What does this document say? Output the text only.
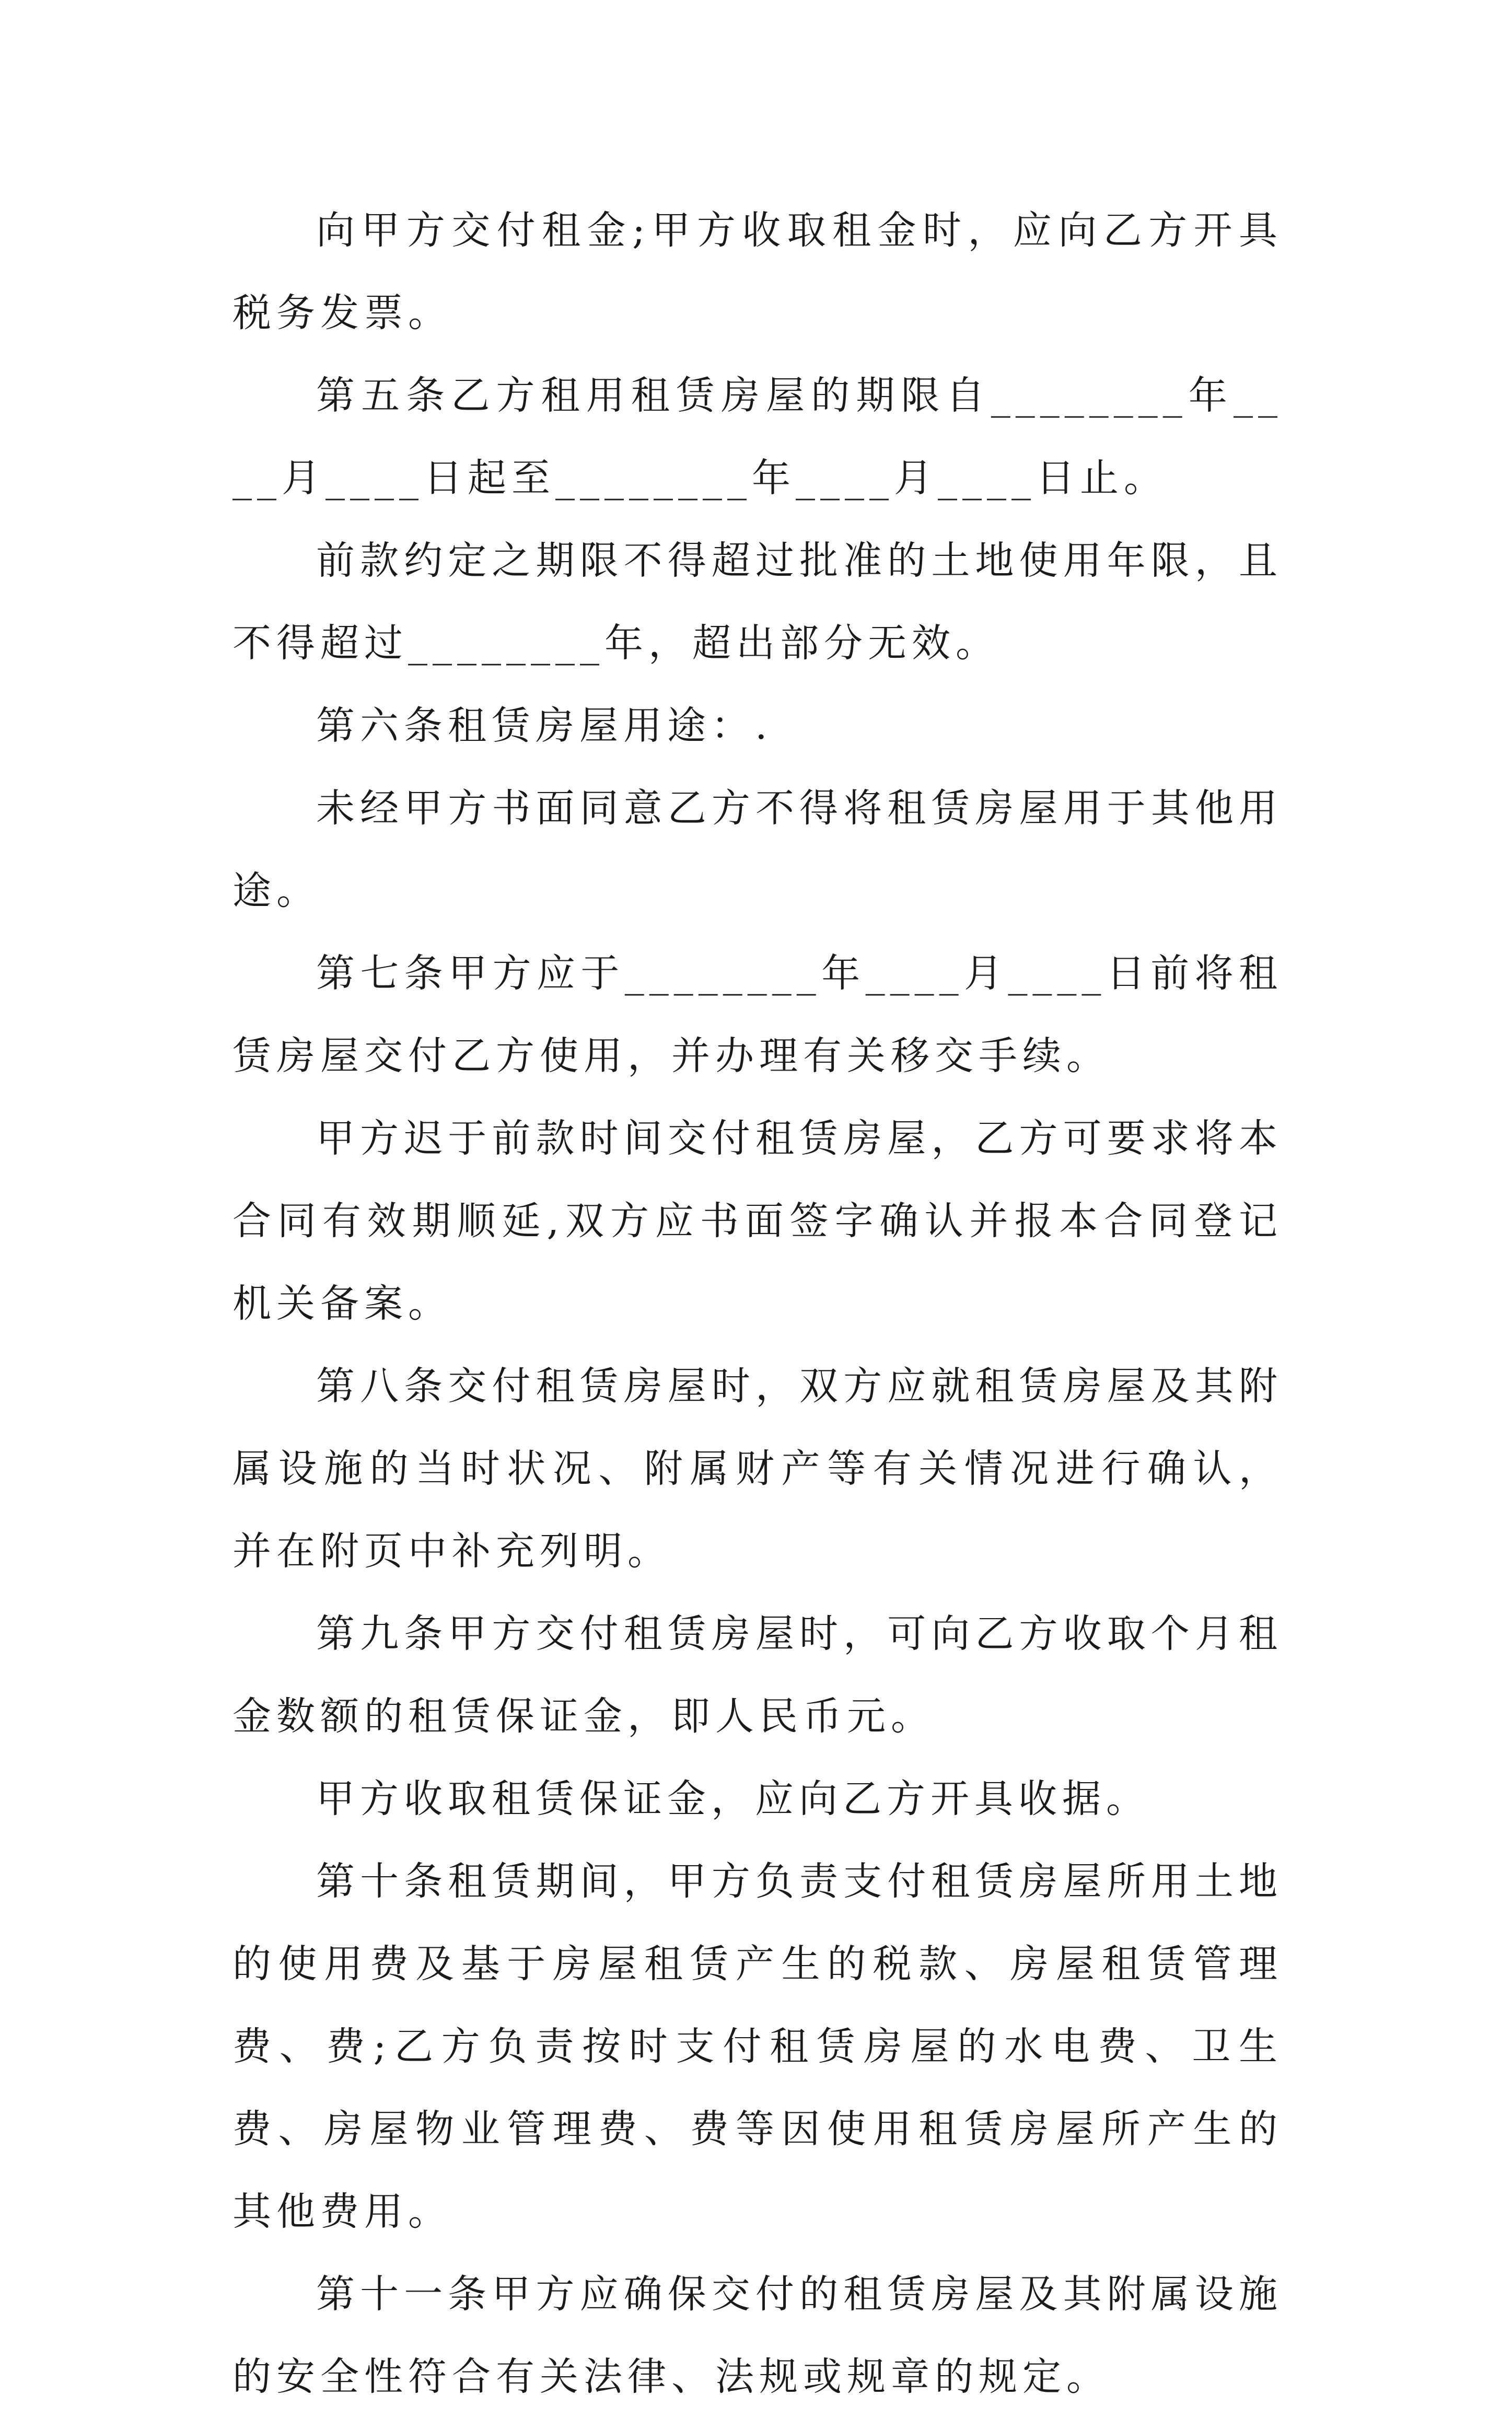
向甲方交付租金;甲方收取租金时，应向乙方开具税务发票。

第五条乙方租用租赁房屋的期限自________年____月____日起至________年____月____日止。

前款约定之期限不得超过批准的土地使用年限，且不得超过________年，超出部分无效。

第六条租赁房屋用途：.

未经甲方书面同意乙方不得将租赁房屋用于其他用途。

第七条甲方应于________年____月____日前将租赁房屋交付乙方使用，并办理有关移交手续。

甲方迟于前款时间交付租赁房屋，乙方可要求将本合同有效期顺延,双方应书面签字确认并报本合同登记机关备案。

第八条交付租赁房屋时，双方应就租赁房屋及其附属设施的当时状况、附属财产等有关情况进行确认，并在附页中补充列明。

第九条甲方交付租赁房屋时，可向乙方收取个月租金数额的租赁保证金，即人民币元。

甲方收取租赁保证金，应向乙方开具收据。

第十条租赁期间，甲方负责支付租赁房屋所用土地的使用费及基于房屋租赁产生的税款、房屋租赁管理费、费;乙方负责按时支付租赁房屋的水电费、卫生费、房屋物业管理费、费等因使用租赁房屋所产生的其他费用。

第十一条甲方应确保交付的租赁房屋及其附属设施的安全性符合有关法律、法规或规章的规定。
